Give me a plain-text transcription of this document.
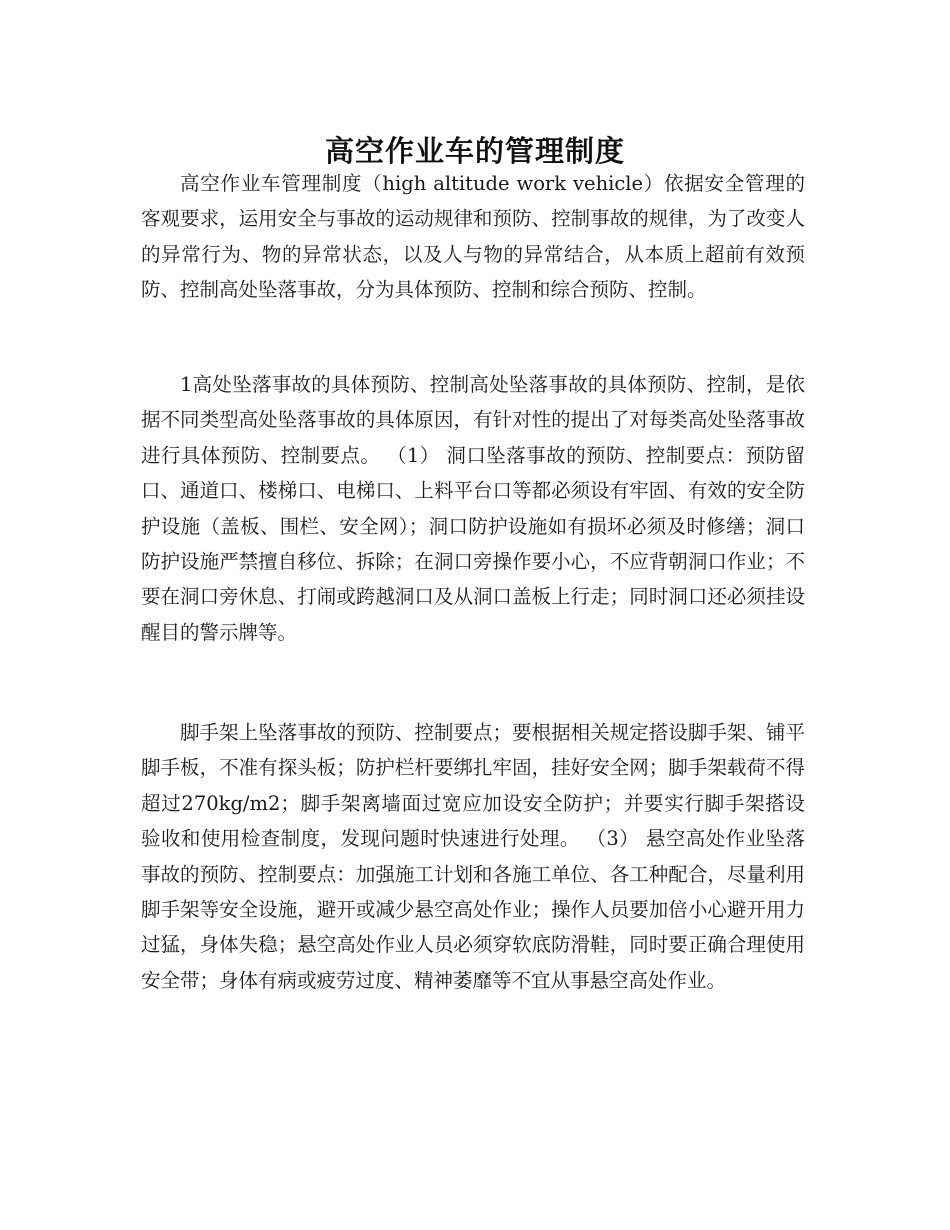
高空作业车的管理制度

高空作业车管理制度（high altitude work vehicle）依据安全管理的客观要求，运用安全与事故的运动规律和预防、控制事故的规律，为了改变人的异常行为、物的异常状态，以及人与物的异常结合，从本质上超前有效预防、控制高处坠落事故，分为具体预防、控制和综合预防、控制。

1高处坠落事故的具体预防、控制高处坠落事故的具体预防、控制，是依据不同类型高处坠落事故的具体原因，有针对性的提出了对每类高处坠落事故进行具体预防、控制要点。 （1） 洞口坠落事故的预防、控制要点：预防留口、通道口、楼梯口、电梯口、上料平台口等都必须设有牢固、有效的安全防护设施（盖板、围栏、安全网）；洞口防护设施如有损坏必须及时修缮；洞口防护设施严禁擅自移位、拆除；在洞口旁操作要小心，不应背朝洞口作业；不要在洞口旁休息、打闹或跨越洞口及从洞口盖板上行走；同时洞口还必须挂设醒目的警示牌等。

脚手架上坠落事故的预防、控制要点；要根据相关规定搭设脚手架、铺平脚手板，不准有探头板；防护栏杆要绑扎牢固，挂好安全网；脚手架载荷不得超过270kg/m2；脚手架离墙面过宽应加设安全防护；并要实行脚手架搭设验收和使用检查制度，发现问题时快速进行处理。 （3） 悬空高处作业坠落事故的预防、控制要点：加强施工计划和各施工单位、各工种配合，尽量利用脚手架等安全设施，避开或减少悬空高处作业；操作人员要加倍小心避开用力过猛，身体失稳；悬空高处作业人员必须穿软底防滑鞋，同时要正确合理使用安全带；身体有病或疲劳过度、精神萎靡等不宜从事悬空高处作业。
